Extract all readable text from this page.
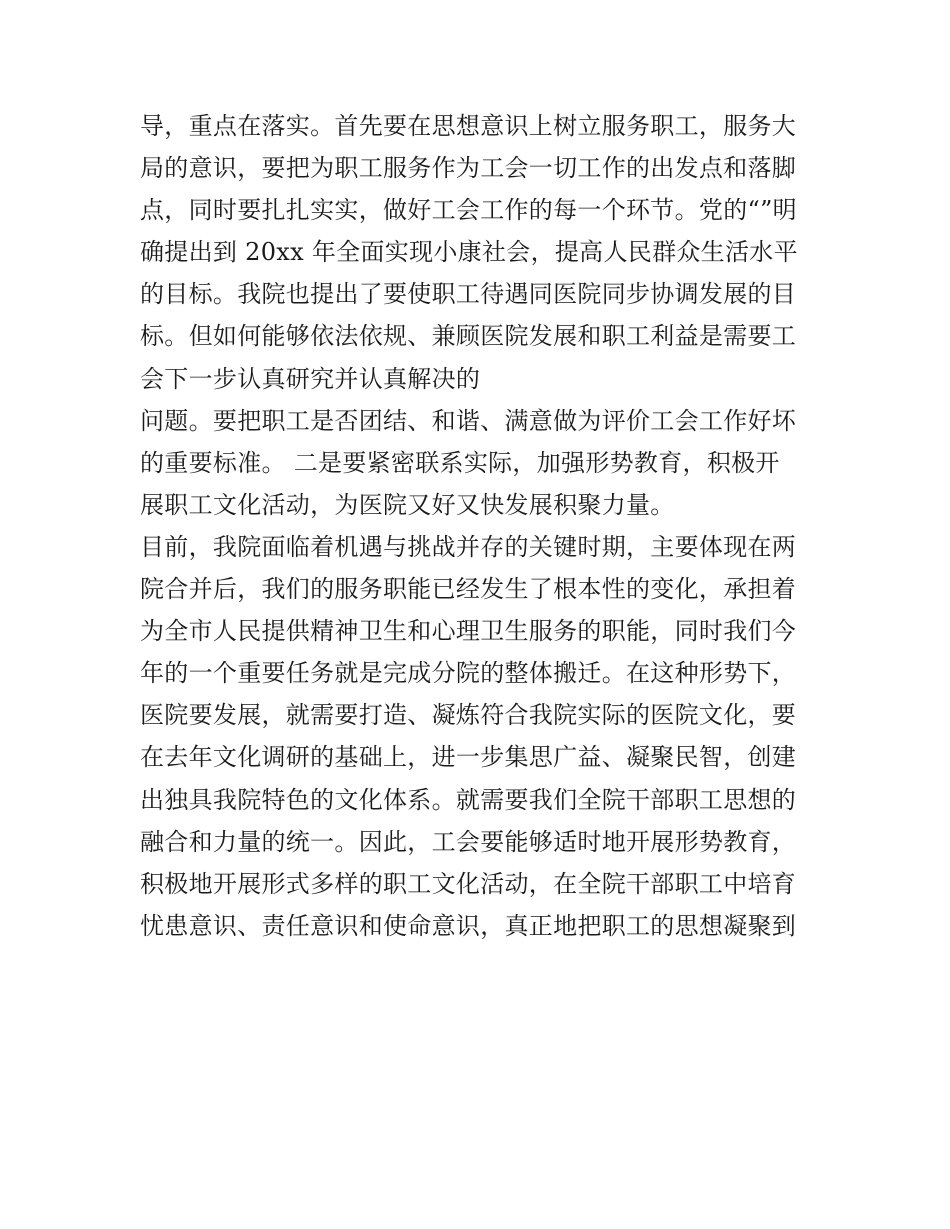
导，重点在落实。首先要在思想意识上树立服务职工，服务大
局的意识，要把为职工服务作为工会一切工作的出发点和落脚
点，同时要扎扎实实，做好工会工作的每一个环节。党的“”明
确提出到 20xx 年全面实现小康社会，提高人民群众生活水平
的目标。我院也提出了要使职工待遇同医院同步协调发展的目
标。但如何能够依法依规、兼顾医院发展和职工利益是需要工
会下一步认真研究并认真解决的
问题。要把职工是否团结、和谐、满意做为评价工会工作好坏
的重要标准。 二是要紧密联系实际，加强形势教育，积极开
展职工文化活动，为医院又好又快发展积聚力量。
目前，我院面临着机遇与挑战并存的关键时期，主要体现在两
院合并后，我们的服务职能已经发生了根本性的变化，承担着
为全市人民提供精神卫生和心理卫生服务的职能，同时我们今
年的一个重要任务就是完成分院的整体搬迁。在这种形势下，
医院要发展，就需要打造、凝炼符合我院实际的医院文化，要
在去年文化调研的基础上，进一步集思广益、凝聚民智，创建
出独具我院特色的文化体系。就需要我们全院干部职工思想的
融合和力量的统一。因此，工会要能够适时地开展形势教育，
积极地开展形式多样的职工文化活动，在全院干部职工中培育
忧患意识、责任意识和使命意识，真正地把职工的思想凝聚到
